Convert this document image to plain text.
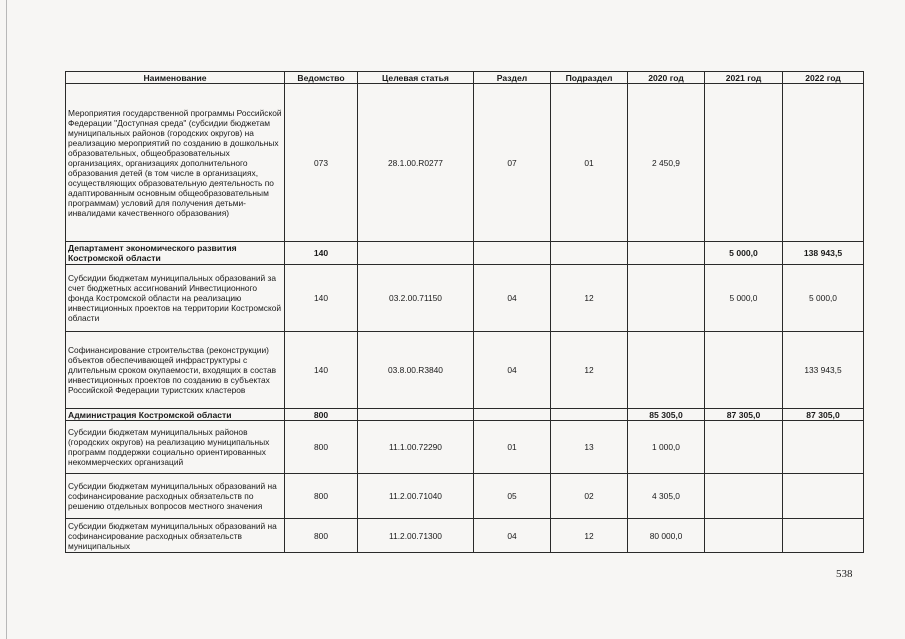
Наименование	Ведомство	Целевая статья	Раздел	Подраздел	2020 год	2021 год	2022 год
Мероприятия государственной программы Российской Федерации "Доступная среда" (субсидии бюджетам муниципальных районов (городских округов) на реализацию мероприятий по созданию в дошкольных образовательных, общеобразовательных организациях, организациях дополнительного образования детей (в том числе в организациях, осуществляющих образовательную деятельность по адаптированным основным общеобразовательным программам) условий для получения детьми-инвалидами качественного образования)	073	28.1.00.R0277	07	01	2 450,9		
Департамент экономического развития Костромской области	140					5 000,0	138 943,5
Субсидии бюджетам муниципальных образований за счет бюджетных ассигнований Инвестиционного фонда Костромской области на реализацию инвестиционных проектов на территории Костромской области	140	03.2.00.71150	04	12		5 000,0	5 000,0
Софинансирование строительства (реконструкции) объектов обеспечивающей инфраструктуры с длительным сроком окупаемости, входящих в состав инвестиционных проектов по созданию в субъектах Российской Федерации туристских кластеров	140	03.8.00.R3840	04	12			133 943,5
Администрация Костромской области	800				85 305,0	87 305,0	87 305,0
Субсидии бюджетам муниципальных районов (городских округов) на реализацию муниципальных программ поддержки социально ориентированных некоммерческих организаций	800	11.1.00.72290	01	13	1 000,0		
Субсидии бюджетам муниципальных образований на софинансирование расходных обязательств по решению отдельных вопросов местного значения	800	11.2.00.71040	05	02	4 305,0		
Субсидии бюджетам муниципальных образований на софинансирование расходных обязательств муниципальных	800	11.2.00.71300	04	12	80 000,0		
538
